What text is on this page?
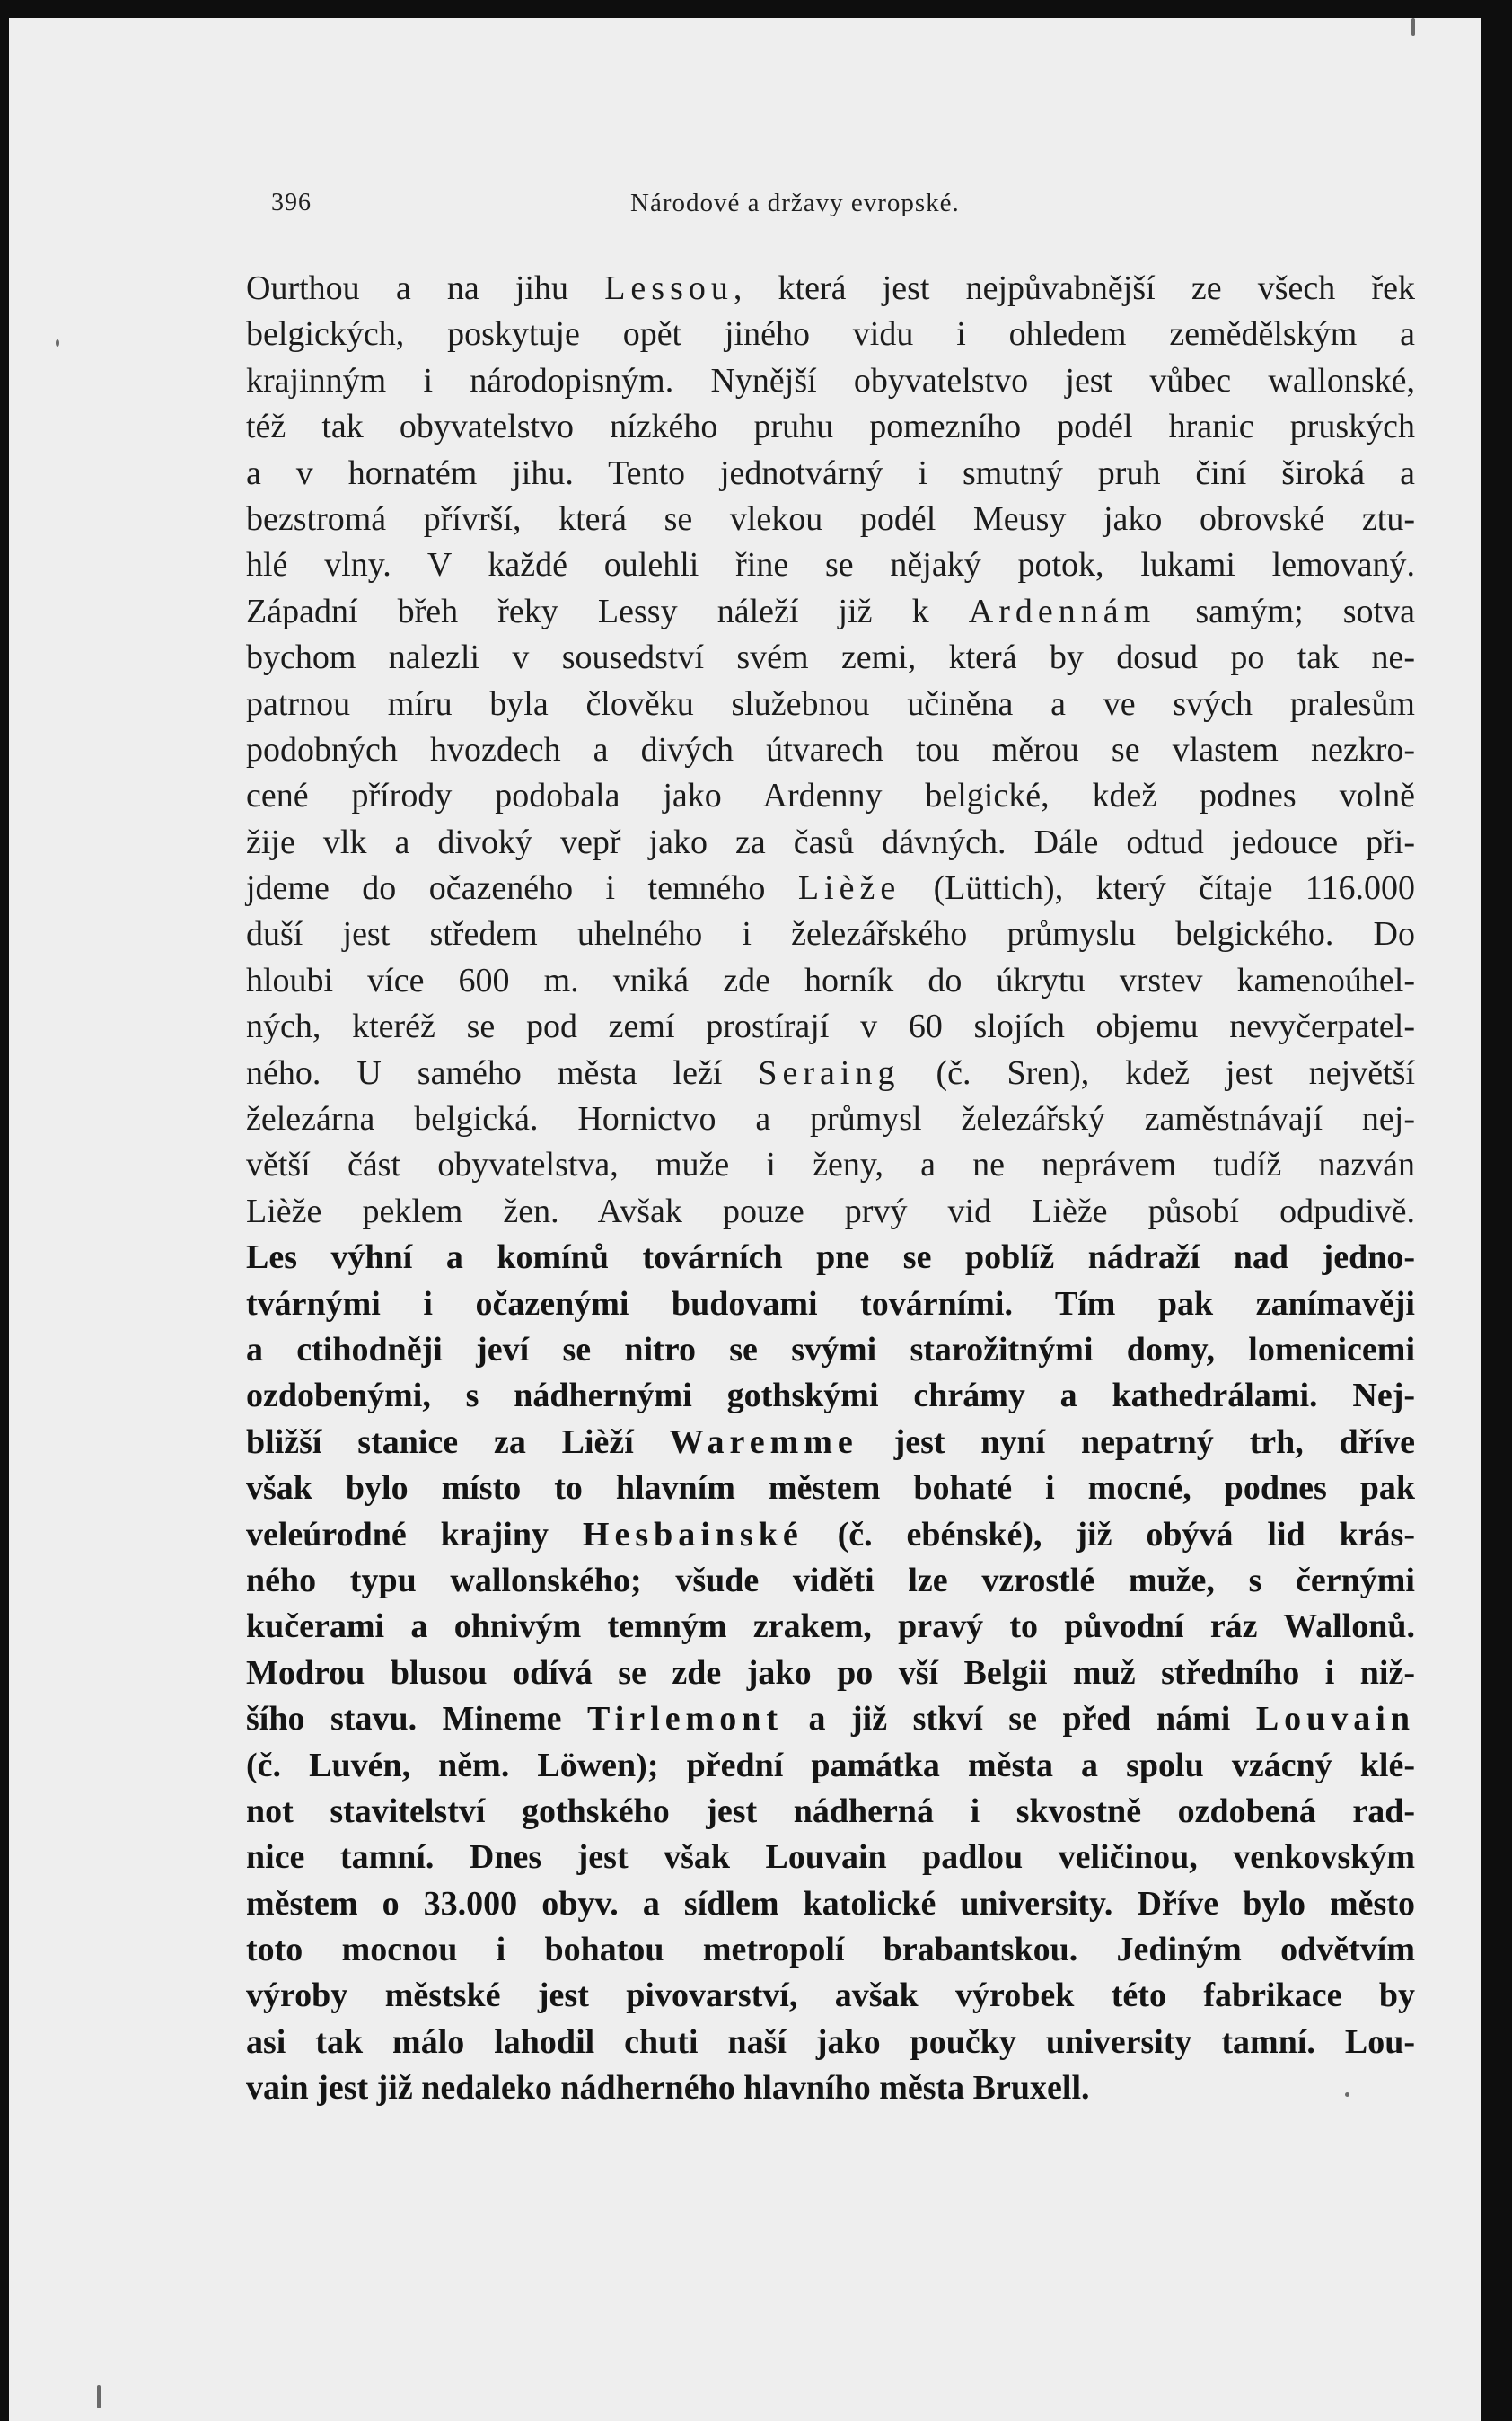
396	Národové a državy evropské.
Ourthou a na jihu Lessou, která jest nejpůvabnější ze všech řek
belgických, poskytuje opět jiného vidu i ohledem zemědělským a
krajinným i národopisným. Nynější obyvatelstvo jest vůbec wallonské,
též tak obyvatelstvo nízkého pruhu pomezního podél hranic pruských
a v hornatém jihu. Tento jednotvárný i smutný pruh činí široká a
bezstromá přívrší, která se vlekou podél Meusy jako obrovské ztu-
hlé vlny. V každé oulehli řine se nějaký potok, lukami lemovaný.
Západní břeh řeky Lessy náleží již k Ardennám samým; sotva
bychom nalezli v sousedství svém zemi, která by dosud po tak ne-
patrnou míru byla člověku služebnou učiněna a ve svých pralesům
podobných hvozdech a divých útvarech tou měrou se vlastem nezkro-
cené přírody podobala jako Ardenny belgické, kdež podnes volně
žije vlk a divoký vepř jako za časů dávných. Dále odtud jedouce při-
jdeme do očazeného i temného Lièže (Lüttich), který čítaje 116.000
duší jest středem uhelného i železářského průmyslu belgického. Do
hloubi více 600 m. vniká zde horník do úkrytu vrstev kamenoúhel-
ných, kteréž se pod zemí prostírají v 60 slojích objemu nevyčerpatel-
ného. U samého města leží Seraing (č. Sren), kdež jest největší
železárna belgická. Hornictvo a průmysl železářský zaměstnávají nej-
větší část obyvatelstva, muže i ženy, a ne neprávem tudíž nazván
Lièže peklem žen. Avšak pouze prvý vid Lièže působí odpudivě.
Les výhní a komínů továrních pne se poblíž nádraží nad jedno-
tvárnými i očazenými budovami továrními. Tím pak zanímavěji
a ctihodněji jeví se nitro se svými starožitnými domy, lomenicemi
ozdobenými, s nádhernými gothskými chrámy a kathedrálami. Nej-
bližší stanice za Lièží Waremme jest nyní nepatrný trh, dříve
však bylo místo to hlavním městem bohaté i mocné, podnes pak
veleúrodné krajiny Hesbainské (č. ebénské), již obývá lid krás-
ného typu wallonského; všude viděti lze vzrostlé muže, s černými
kučerami a ohnivým temným zrakem, pravý to původní ráz Wallonů.
Modrou blusou odívá se zde jako po vší Belgii muž středního i niž-
šího stavu. Mineme Tirlemont a již stkví se před námi Louvain
(č. Luvén, něm. Löwen); přední památka města a spolu vzácný klé-
not stavitelství gothského jest nádherná i skvostně ozdobená rad-
nice tamní. Dnes jest však Louvain padlou veličinou, venkovským
městem o 33.000 obyv. a sídlem katolické university. Dříve bylo město
toto mocnou i bohatou metropolí brabantskou. Jediným odvětvím
výroby městské jest pivovarství, avšak výrobek této fabrikace by
asi tak málo lahodil chuti naší jako poučky university tamní. Lou-
vain jest již nedaleko nádherného hlavního města Bruxell.
